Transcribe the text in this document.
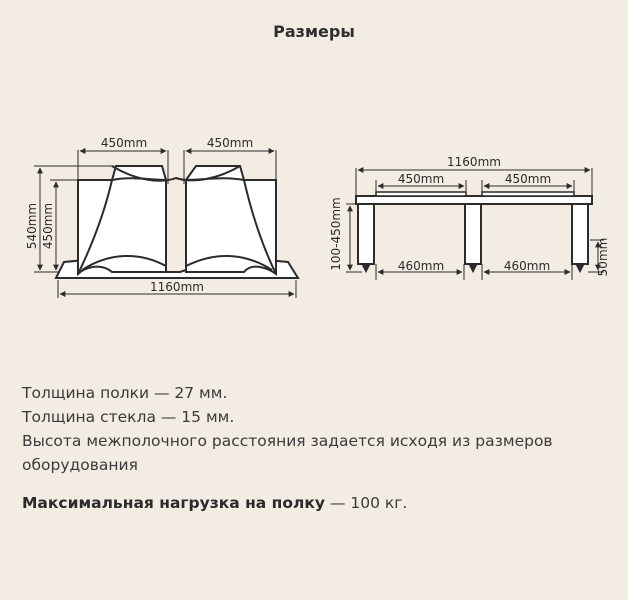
Размеры
450mm	450mm
1160mm
540mm 450mm
1160mm
450mm	450mm
460mm	460mm
100-450mm	50mm

Толщина полки — 27 мм.

Толщина стекла — 15 мм.

Высота межполочного расстояния задается исходя из размеров оборудования

Максимальная нагрузка на полку — 100 кг.
